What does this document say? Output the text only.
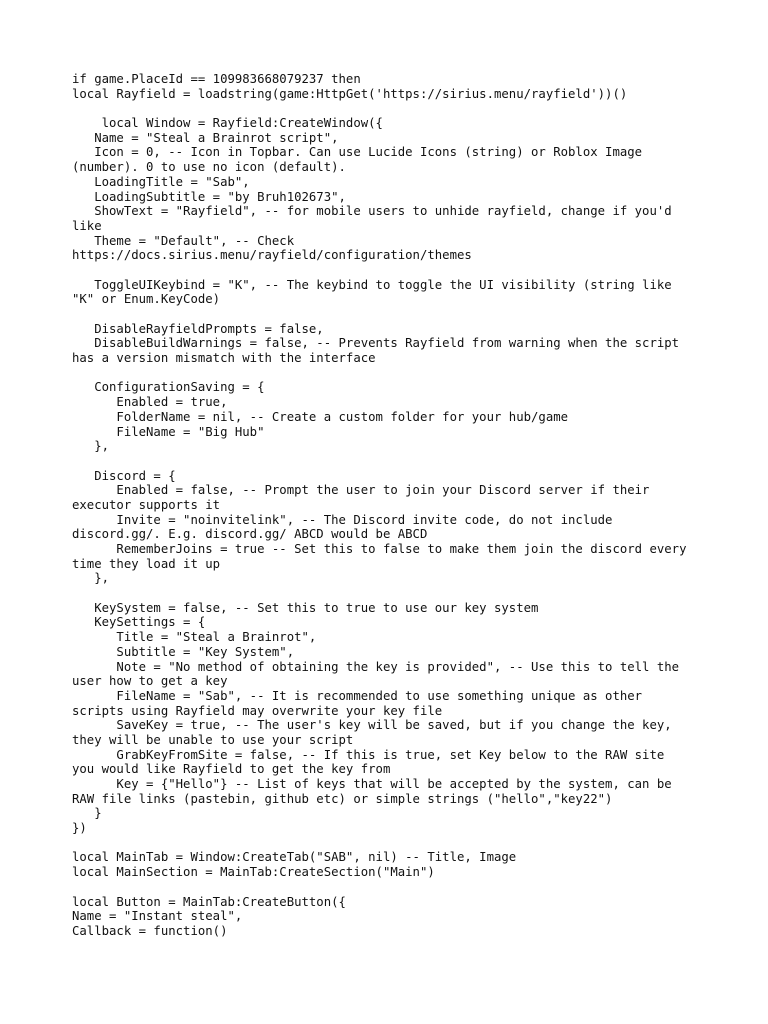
if game.PlaceId == 109983668079237 then
local Rayfield = loadstring(game:HttpGet('https://sirius.menu/rayfield'))()
local Window = Rayfield:CreateWindow({
Name = "Steal a Brainrot script",
Icon = 0, -- Icon in Topbar. Can use Lucide Icons (string) or Roblox Image
(number). 0 to use no icon (default).
LoadingTitle = "Sab",
LoadingSubtitle = "by Bruh102673",
ShowText = "Rayfield", -- for mobile users to unhide rayfield, change if you'd
like
Theme = "Default", -- Check
https://docs.sirius.menu/rayfield/configuration/themes
ToggleUIKeybind = "K", -- The keybind to toggle the UI visibility (string like
"K" or Enum.KeyCode)
DisableRayfieldPrompts = false,
DisableBuildWarnings = false, -- Prevents Rayfield from warning when the script
has a version mismatch with the interface
ConfigurationSaving = {
Enabled = true,
FolderName = nil, -- Create a custom folder for your hub/game
FileName = "Big Hub"
},
Discord = {
Enabled = false, -- Prompt the user to join your Discord server if their
executor supports it
Invite = "noinvitelink", -- The Discord invite code, do not include
discord.gg/. E.g. discord.gg/ ABCD would be ABCD
RememberJoins = true -- Set this to false to make them join the discord every
time they load it up
},
KeySystem = false, -- Set this to true to use our key system
KeySettings = {
Title = "Steal a Brainrot",
Subtitle = "Key System",
Note = "No method of obtaining the key is provided", -- Use this to tell the
user how to get a key
FileName = "Sab", -- It is recommended to use something unique as other
scripts using Rayfield may overwrite your key file
SaveKey = true, -- The user's key will be saved, but if you change the key,
they will be unable to use your script
GrabKeyFromSite = false, -- If this is true, set Key below to the RAW site
you would like Rayfield to get the key from
Key = {"Hello"} -- List of keys that will be accepted by the system, can be
RAW file links (pastebin, github etc) or simple strings ("hello","key22")
}
})
local MainTab = Window:CreateTab("SAB", nil) -- Title, Image
local MainSection = MainTab:CreateSection("Main")
local Button = MainTab:CreateButton({
Name = "Instant steal",
Callback = function()
